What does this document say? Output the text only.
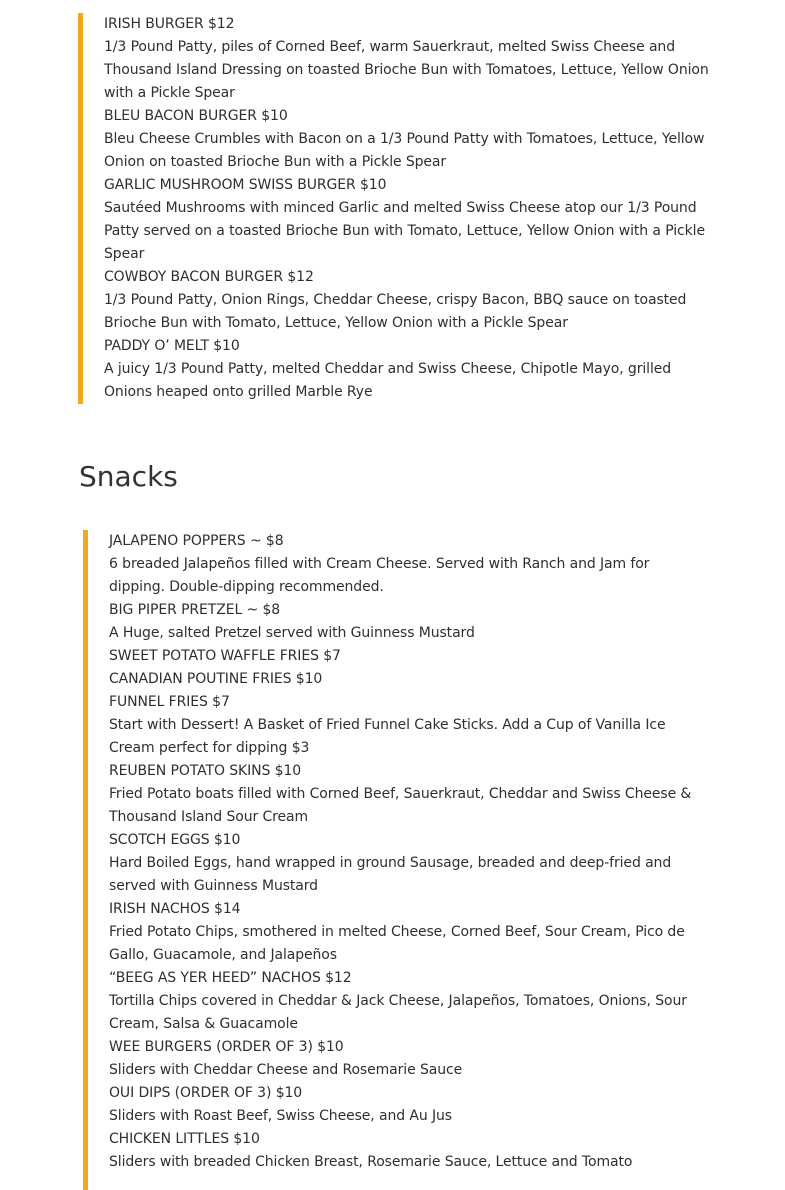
IRISH BURGER $12

1/3 Pound Patty, piles of Corned Beef, warm Sauerkraut, melted Swiss Cheese and Thousand Island Dressing on toasted Brioche Bun with Tomatoes, Lettuce, Yellow Onion with a Pickle Spear

BLEU BACON BURGER $10

Bleu Cheese Crumbles with Bacon on a 1/3 Pound Patty with Tomatoes, Lettuce, Yellow Onion on toasted Brioche Bun with a Pickle Spear

GARLIC MUSHROOM SWISS BURGER $10

Sautéed Mushrooms with minced Garlic and melted Swiss Cheese atop our 1/3 Pound Patty served on a toasted Brioche Bun with Tomato, Lettuce, Yellow Onion with a Pickle Spear

COWBOY BACON BURGER $12

1/3 Pound Patty, Onion Rings, Cheddar Cheese, crispy Bacon, BBQ sauce on toasted Brioche Bun with Tomato, Lettuce, Yellow Onion with a Pickle Spear

PADDY O’ MELT $10

A juicy 1/3 Pound Patty, melted Cheddar and Swiss Cheese, Chipotle Mayo, grilled Onions heaped onto grilled Marble Rye

Snacks

JALAPENO POPPERS ~ $8

6 breaded Jalapeños filled with Cream Cheese. Served with Ranch and Jam for dipping. Double-dipping recommended.

BIG PIPER PRETZEL ~ $8

A Huge, salted Pretzel served with Guinness Mustard

SWEET POTATO WAFFLE FRIES $7

CANADIAN POUTINE FRIES $10

FUNNEL FRIES $7

Start with Dessert! A Basket of Fried Funnel Cake Sticks. Add a Cup of Vanilla Ice Cream perfect for dipping $3

REUBEN POTATO SKINS $10

Fried Potato boats filled with Corned Beef, Sauerkraut, Cheddar and Swiss Cheese & Thousand Island Sour Cream

SCOTCH EGGS $10

Hard Boiled Eggs, hand wrapped in ground Sausage, breaded and deep-fried and served with Guinness Mustard

IRISH NACHOS $14

Fried Potato Chips, smothered in melted Cheese, Corned Beef, Sour Cream, Pico de Gallo, Guacamole, and Jalapeños

“BEEG AS YER HEED” NACHOS $12

Tortilla Chips covered in Cheddar & Jack Cheese, Jalapeños, Tomatoes, Onions, Sour Cream, Salsa & Guacamole

WEE BURGERS (ORDER OF 3) $10

Sliders with Cheddar Cheese and Rosemarie Sauce

OUI DIPS (ORDER OF 3) $10

Sliders with Roast Beef, Swiss Cheese, and Au Jus

CHICKEN LITTLES $10

Sliders with breaded Chicken Breast, Rosemarie Sauce, Lettuce and Tomato
